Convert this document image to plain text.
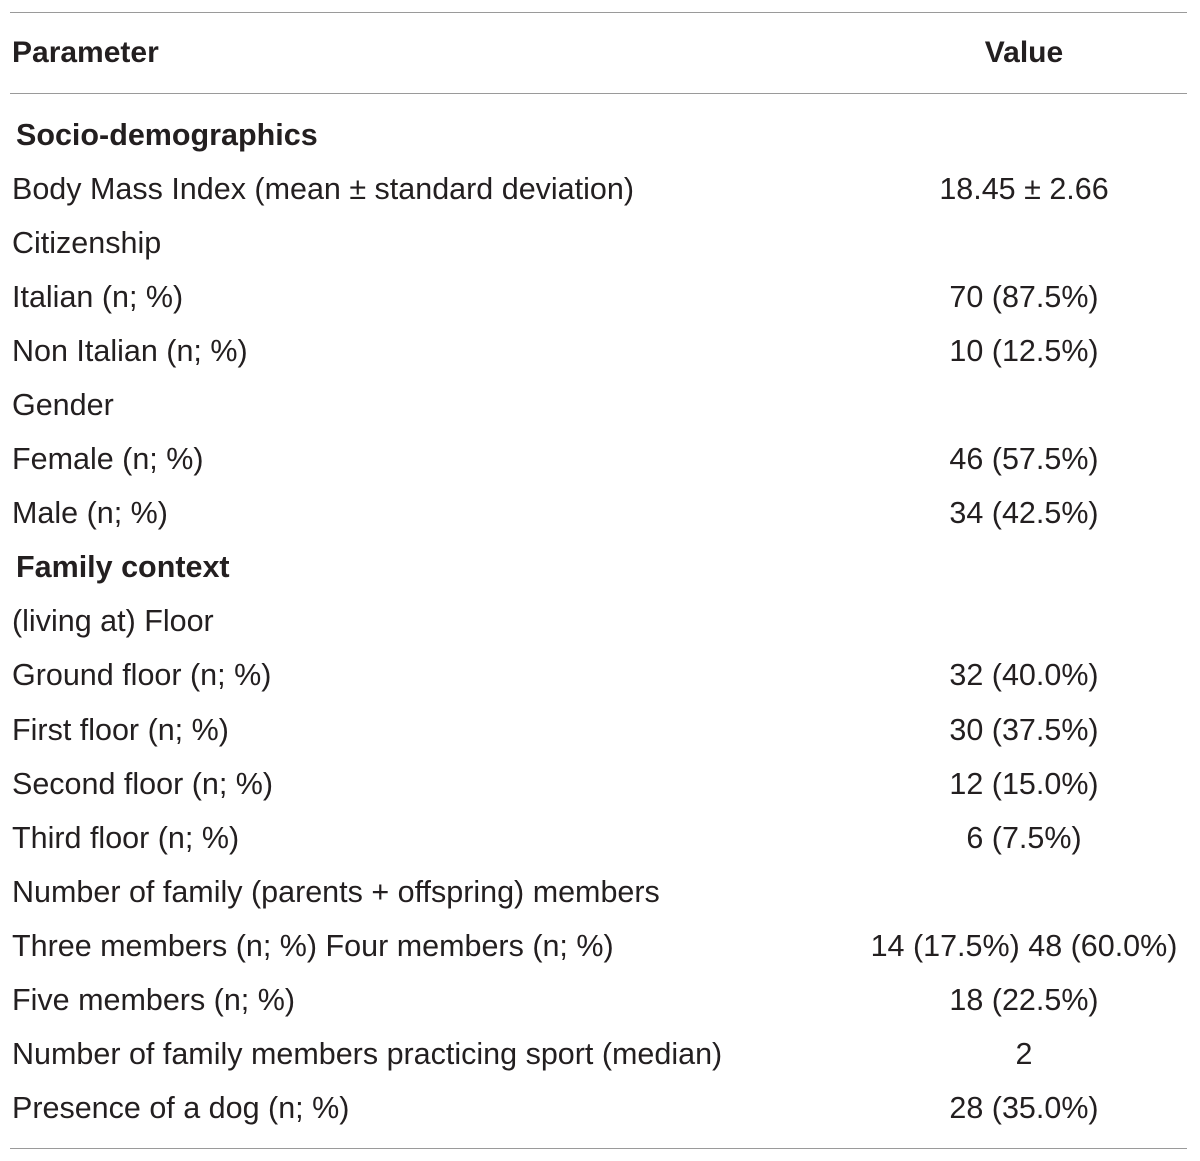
Parameter	Value
Socio-demographics
Body Mass Index (mean ± standard deviation)	18.45 ± 2.66
Citizenship
Italian (n; %)	70 (87.5%)
Non Italian (n; %)	10 (12.5%)
Gender
Female (n; %)	46 (57.5%)
Male (n; %)	34 (42.5%)
Family context
(living at) Floor
Ground floor (n; %)	32 (40.0%)
First floor (n; %)	30 (37.5%)
Second floor (n; %)	12 (15.0%)
Third floor (n; %)	6 (7.5%)
Number of family (parents + offspring) members
Three members (n; %) Four members (n; %)	14 (17.5%) 48 (60.0%)
Five members (n; %)	18 (22.5%)
Number of family members practicing sport (median)	2
Presence of a dog (n; %)	28 (35.0%)
